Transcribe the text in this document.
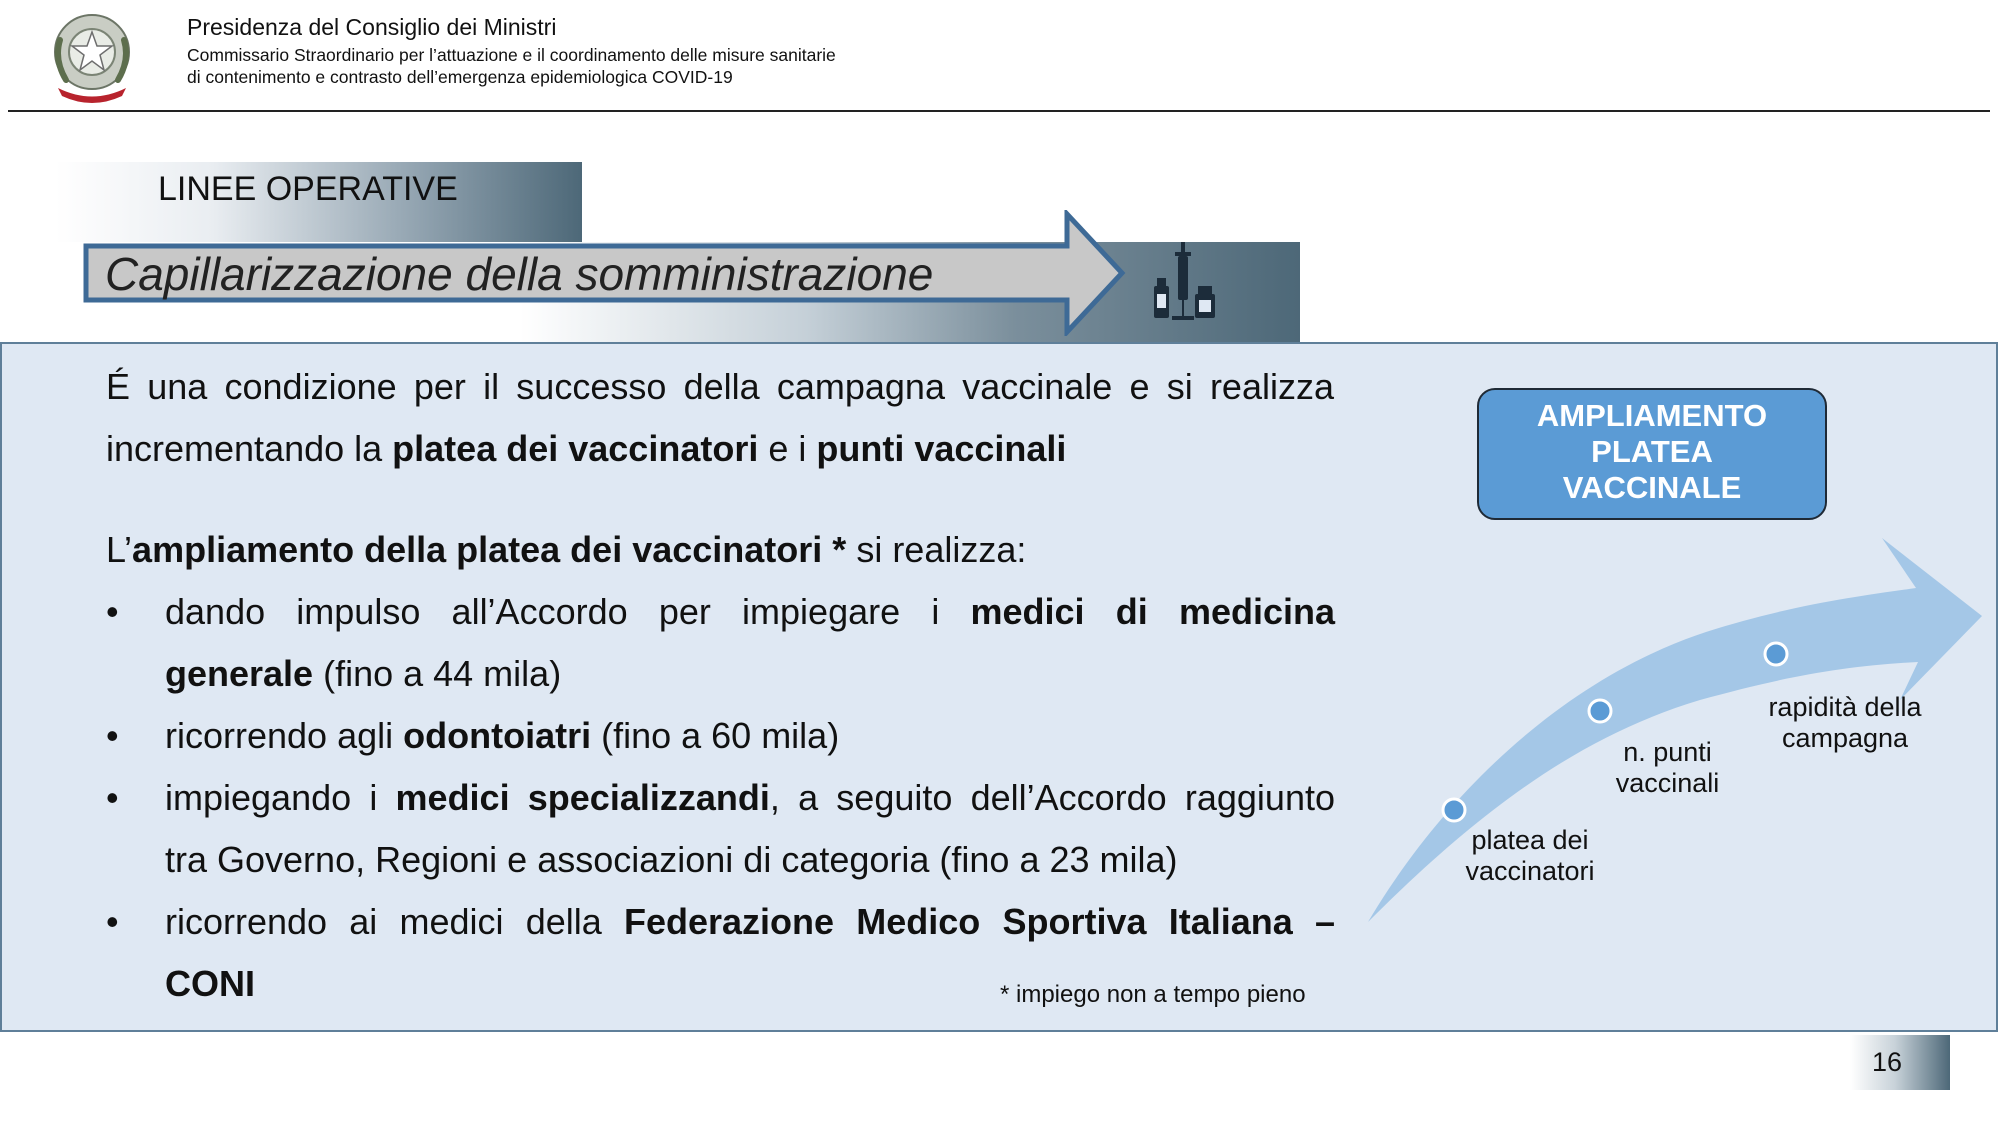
Presidenza del Consiglio dei Ministri
Commissario Straordinario per l’attuazione e il coordinamento delle misure sanitarie
di contenimento e contrasto dell’emergenza epidemiologica COVID-19
LINEE OPERATIVE
Capillarizzazione della somministrazione
É una condizione per il successo della campagna vaccinale e si realizza
incrementando la platea dei vaccinatori e i punti vaccinali
L’ampliamento della platea dei vaccinatori * si realizza:
• dando impulso all’Accordo per impiegare i medici di medicina
generale (fino a 44 mila)
• ricorrendo agli odontoiatri (fino a 60 mila)
• impiegando i medici specializzandi, a seguito dell’Accordo raggiunto
tra Governo, Regioni e associazioni di categoria (fino a 23 mila)
• ricorrendo ai medici della Federazione Medico Sportiva Italiana –
CONI	* impiego non a tempo pieno
AMPLIAMENTO
PLATEA
VACCINALE
platea dei
vaccinatori
n. punti
vaccinali
rapidità della
campagna
16
